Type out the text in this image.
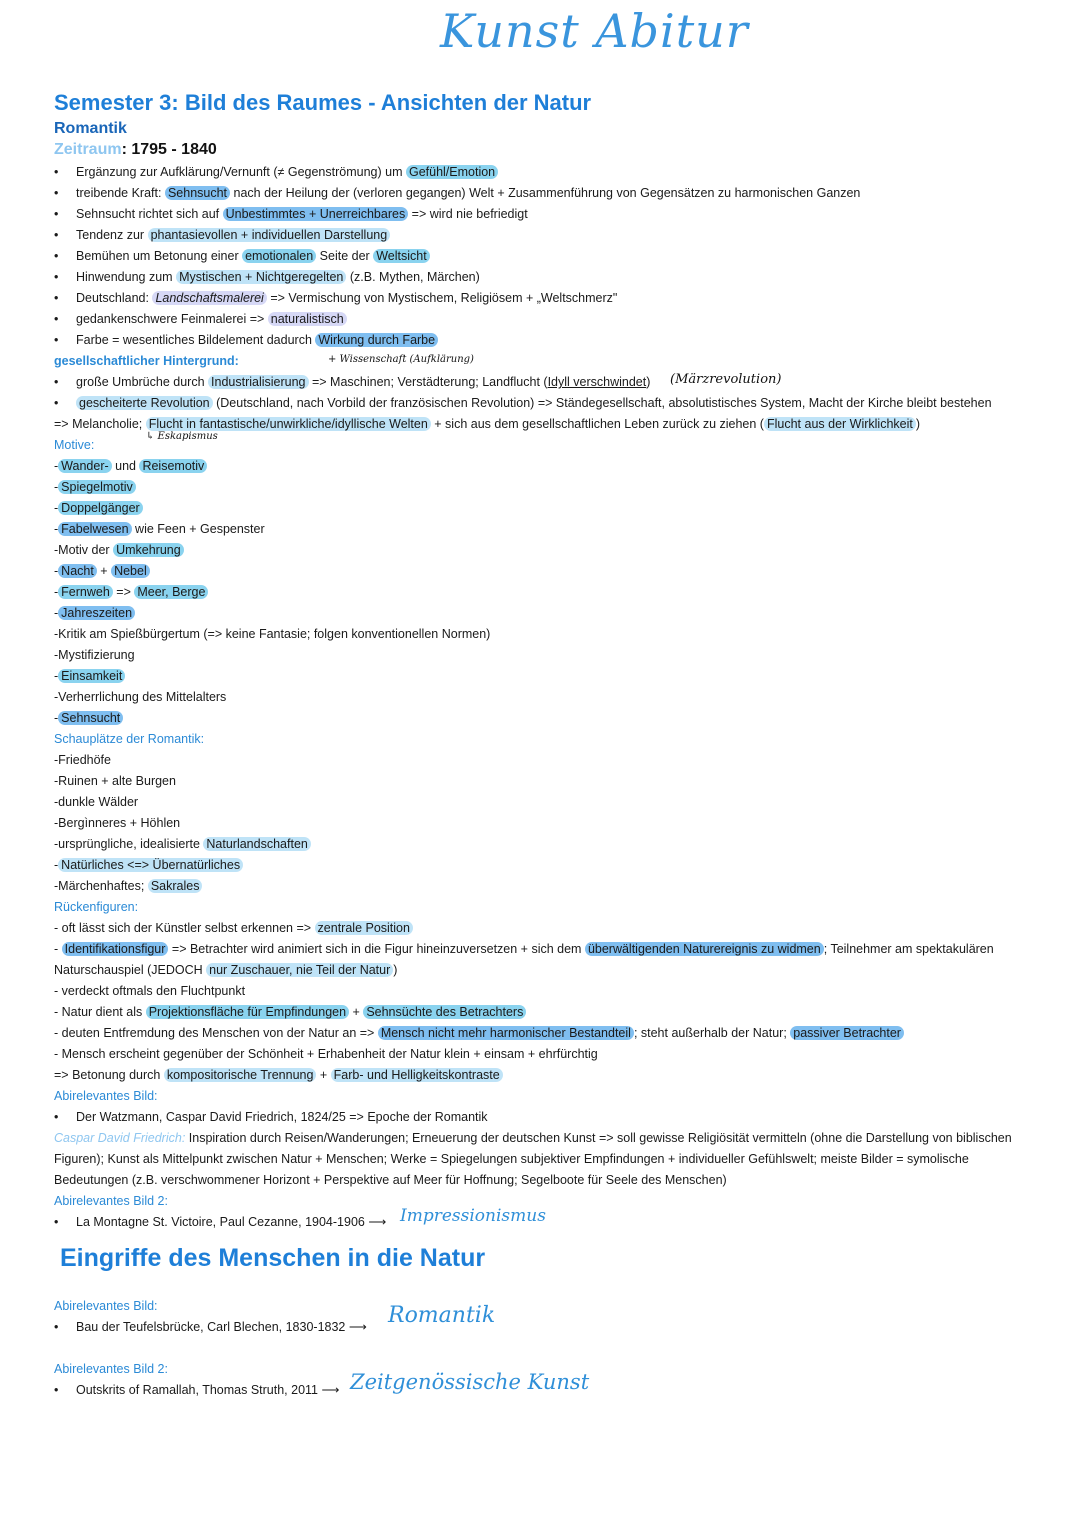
Kunst Abitur
Semester 3: Bild des Raumes - Ansichten der Natur
Romantik
Zeitraum: 1795 - 1840
• Ergänzung zur Aufklärung/Vernunft (≠ Gegenströmung) um Gefühl/Emotion
• treibende Kraft: Sehnsucht nach der Heilung der (verloren gegangen) Welt + Zusammenführung von Gegensätzen zu harmonischen Ganzen
• Sehnsucht richtet sich auf Unbestimmtes + Unerreichbares => wird nie befriedigt
• Tendenz zur phantasievollen + individuellen Darstellung
• Bemühen um Betonung einer emotionalen Seite der Weltsicht
• Hinwendung zum Mystischen + Nichtgeregelten (z.B. Mythen, Märchen)
• Deutschland: Landschaftsmalerei => Vermischung von Mystischem, Religiösem + „Weltschmerz"
• gedankenschwere Feinmalerei => naturalistisch
• Farbe = wesentliches Bildelement dadurch Wirkung durch Farbe
gesellschaftlicher Hintergrund:	+ Wissenschaft (Aufklärung)
• große Umbrüche durch Industrialisierung => Maschinen; Verstädterung; Landflucht (Idyll verschwindet) (Märzrevolution)
• gescheiterte Revolution (Deutschland, nach Vorbild der französischen Revolution) => Ständegesellschaft, absolutistisches System, Macht der Kirche bleibt bestehen
=> Melancholie; Flucht in fantastische/unwirkliche/idyllische Welten + sich aus dem gesellschaftlichen Leben zurück zu ziehen ( Flucht aus der Wirklichkeit )
↳ Eskapismus
Motive:
- Wander- und Reisemotiv
- Spiegelmotiv
- Doppelgänger
- Fabelwesen wie Feen + Gespenster
-Motiv der Umkehrung
- Nacht + Nebel
- Fernweh => Meer, Berge
- Jahreszeiten
-Kritik am Spießbürgertum (=> keine Fantasie; folgen konventionellen Normen)
-Mystifizierung
- Einsamkeit
-Verherrlichung des Mittelalters
- Sehnsucht
Schauplätze der Romantik:
-Friedhöfe
-Ruinen + alte Burgen
-dunkle Wälder
-Bergìnneres + Höhlen
-ursprüngliche, idealisierte Naturlandschaften
- Natürliches <=> Übernatürliches
-Märchenhaftes; Sakrales
Rückenfiguren:
- oft lässt sich der Künstler selbst erkennen => zentrale Position
- Identifikationsfigur => Betrachter wird animiert sich in die Figur hineinzuversetzen + sich dem überwältigenden Naturereignis zu widmen ; Teilnehmer am spektakulären
Naturschauspiel (JEDOCH nur Zuschauer, nie Teil der Natur )
- verdeckt oftmals den Fluchtpunkt
- Natur dient als Projektionsfläche für Empfindungen + Sehnsüchte des Betrachters
- deuten Entfremdung des Menschen von der Natur an => Mensch nicht mehr harmonischer Bestandteil ; steht außerhalb der Natur; passiver Betrachter
- Mensch erscheint gegenüber der Schönheit + Erhabenheit der Natur klein + einsam + ehrfürchtig
=> Betonung durch kompositorische Trennung + Farb- und Helligkeitskontraste
Abirelevantes Bild:
• Der Watzmann, Caspar David Friedrich, 1824/25 => Epoche der Romantik
Caspar David Friedrich: Inspiration durch Reisen/Wanderungen; Erneuerung der deutschen Kunst => soll gewisse Religiösität vermitteln (ohne die Darstellung von biblischen
Figuren); Kunst als Mittelpunkt zwischen Natur + Menschen; Werke = Spiegelungen subjektiver Empfindungen + individueller Gefühlswelt; meiste Bilder = symolische
Bedeutungen (z.B. verschwommener Horizont + Perspektive auf Meer für Hoffnung; Segelboote für Seele des Menschen)
Abirelevantes Bild 2:
• La Montagne St. Victoire, Paul Cezanne, 1904-1906 ⟶ Impressionismus
Eingriffe des Menschen in die Natur
Abirelevantes Bild:
• Bau der Teufelsbrücke, Carl Blechen, 1830-1832 ⟶ Romantik
Abirelevantes Bild 2:
• Outskrits of Ramallah, Thomas Struth, 2011 ⟶ Zeitgenössische Kunst
